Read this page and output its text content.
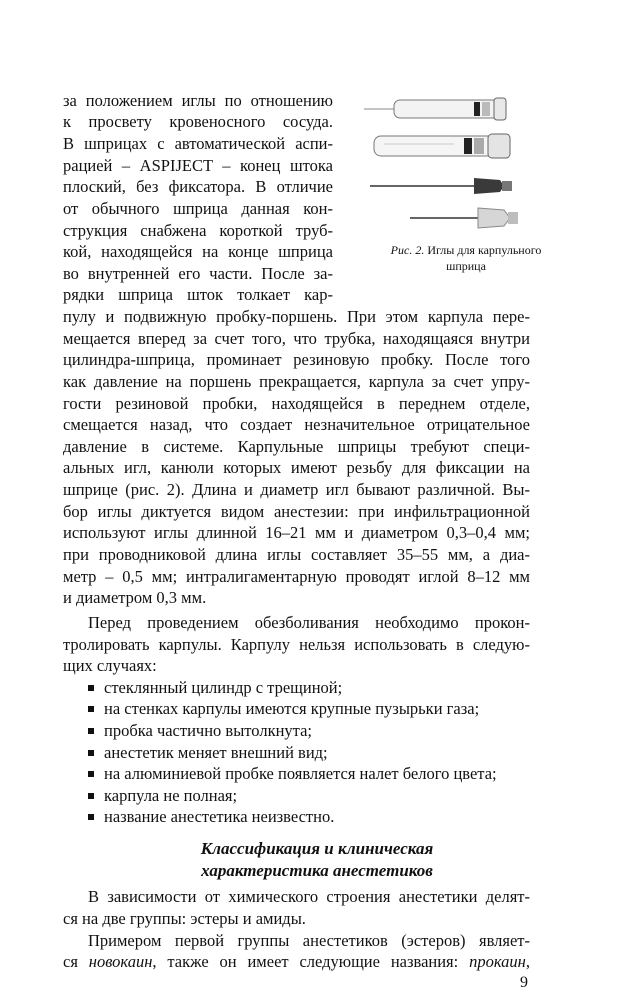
Рис. 2. Иглы для карпульного
шприца
за положением иглы по отношению
к просвету кровеносного сосуда.
В шприцах с автоматической аспи-
рацией – ASPIJECT – конец штока
плоский, без фиксатора. В отличие
от обычного шприца данная кон-
струкция снабжена короткой труб-
кой, находящейся на конце шприца
во внутренней его части. После за-
рядки шприца шток толкает кар-
пулу и подвижную пробку-поршень. При этом карпула пере-
мещается вперед за счет того, что трубка, находящаяся внутри
цилиндра-шприца, проминает резиновую пробку. После того
как давление на поршень прекращается, карпула за счет упру-
гости резиновой пробки, находящейся в переднем отделе,
смещается назад, что создает незначительное отрицательное
давление в системе. Карпульные шприцы требуют специ-
альных игл, канюли которых имеют резьбу для фиксации на
шприце (рис. 2). Длина и диаметр игл бывают различной. Вы-
бор иглы диктуется видом анестезии: при инфильтрационной
используют иглы длинной 16–21 мм и диаметром 0,3–0,4 мм;
при проводниковой длина иглы составляет 35–55 мм, а диа-
метр – 0,5 мм; интралигаментарную проводят иглой 8–12 мм
и диаметром 0,3 мм.
Перед проведением обезболивания необходимо прокон-
тролировать карпулы. Карпулу нельзя использовать в следую-
щих случаях:
стеклянный цилиндр с трещиной;
на стенках карпулы имеются крупные пузырьки газа;
пробка частично вытолкнута;
анестетик меняет внешний вид;
на алюминиевой пробке появляется налет белого цвета;
карпула не полная;
название анестетика неизвестно.
Классификация и клиническая
характеристика анестетиков
В зависимости от химического строения анестетики делят-
ся на две группы: эстеры и амиды.
Примером первой группы анестетиков (эстеров) являет-
ся новокаин, также он имеет следующие названия: прокаин,
9
